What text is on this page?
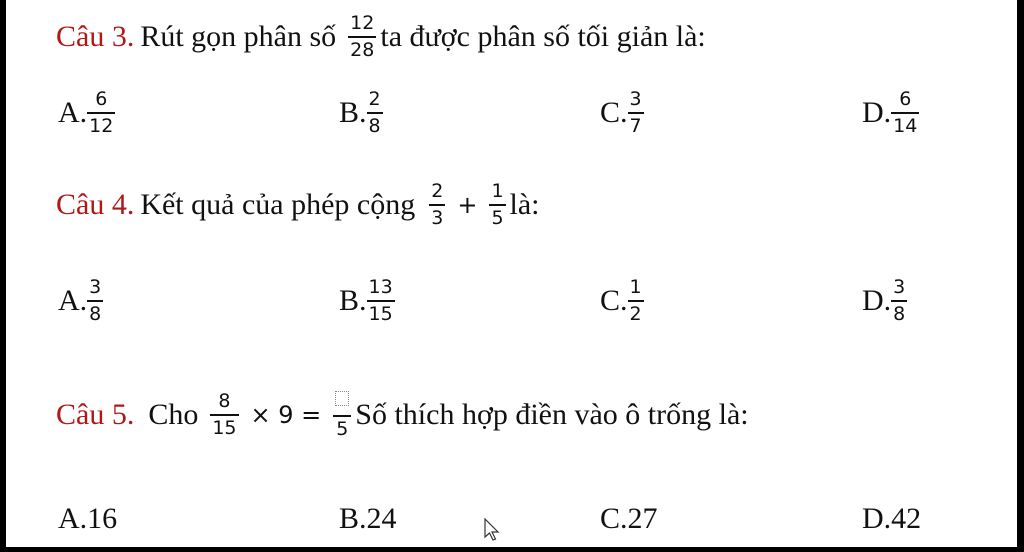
Câu 3. Rút gọn phân số $\frac{12}{28}$ ta được phân số tối giản là:
A. $\frac{6}{12}$	B. $\frac{2}{8}$	C. $\frac{3}{7}$	D. $\frac{6}{14}$
Câu 4. Kết quả của phép cộng $\frac{2}{3} + \frac{1}{5}$ là:
A. $\frac{3}{8}$	B. $\frac{13}{15}$	C. $\frac{1}{2}$	D. $\frac{3}{8}$
Câu 5. Cho $\frac{8}{15} \times 9$ =
5 Số thích hợp điền vào ô trống là:
A.16	B.24	C.27	D.42
